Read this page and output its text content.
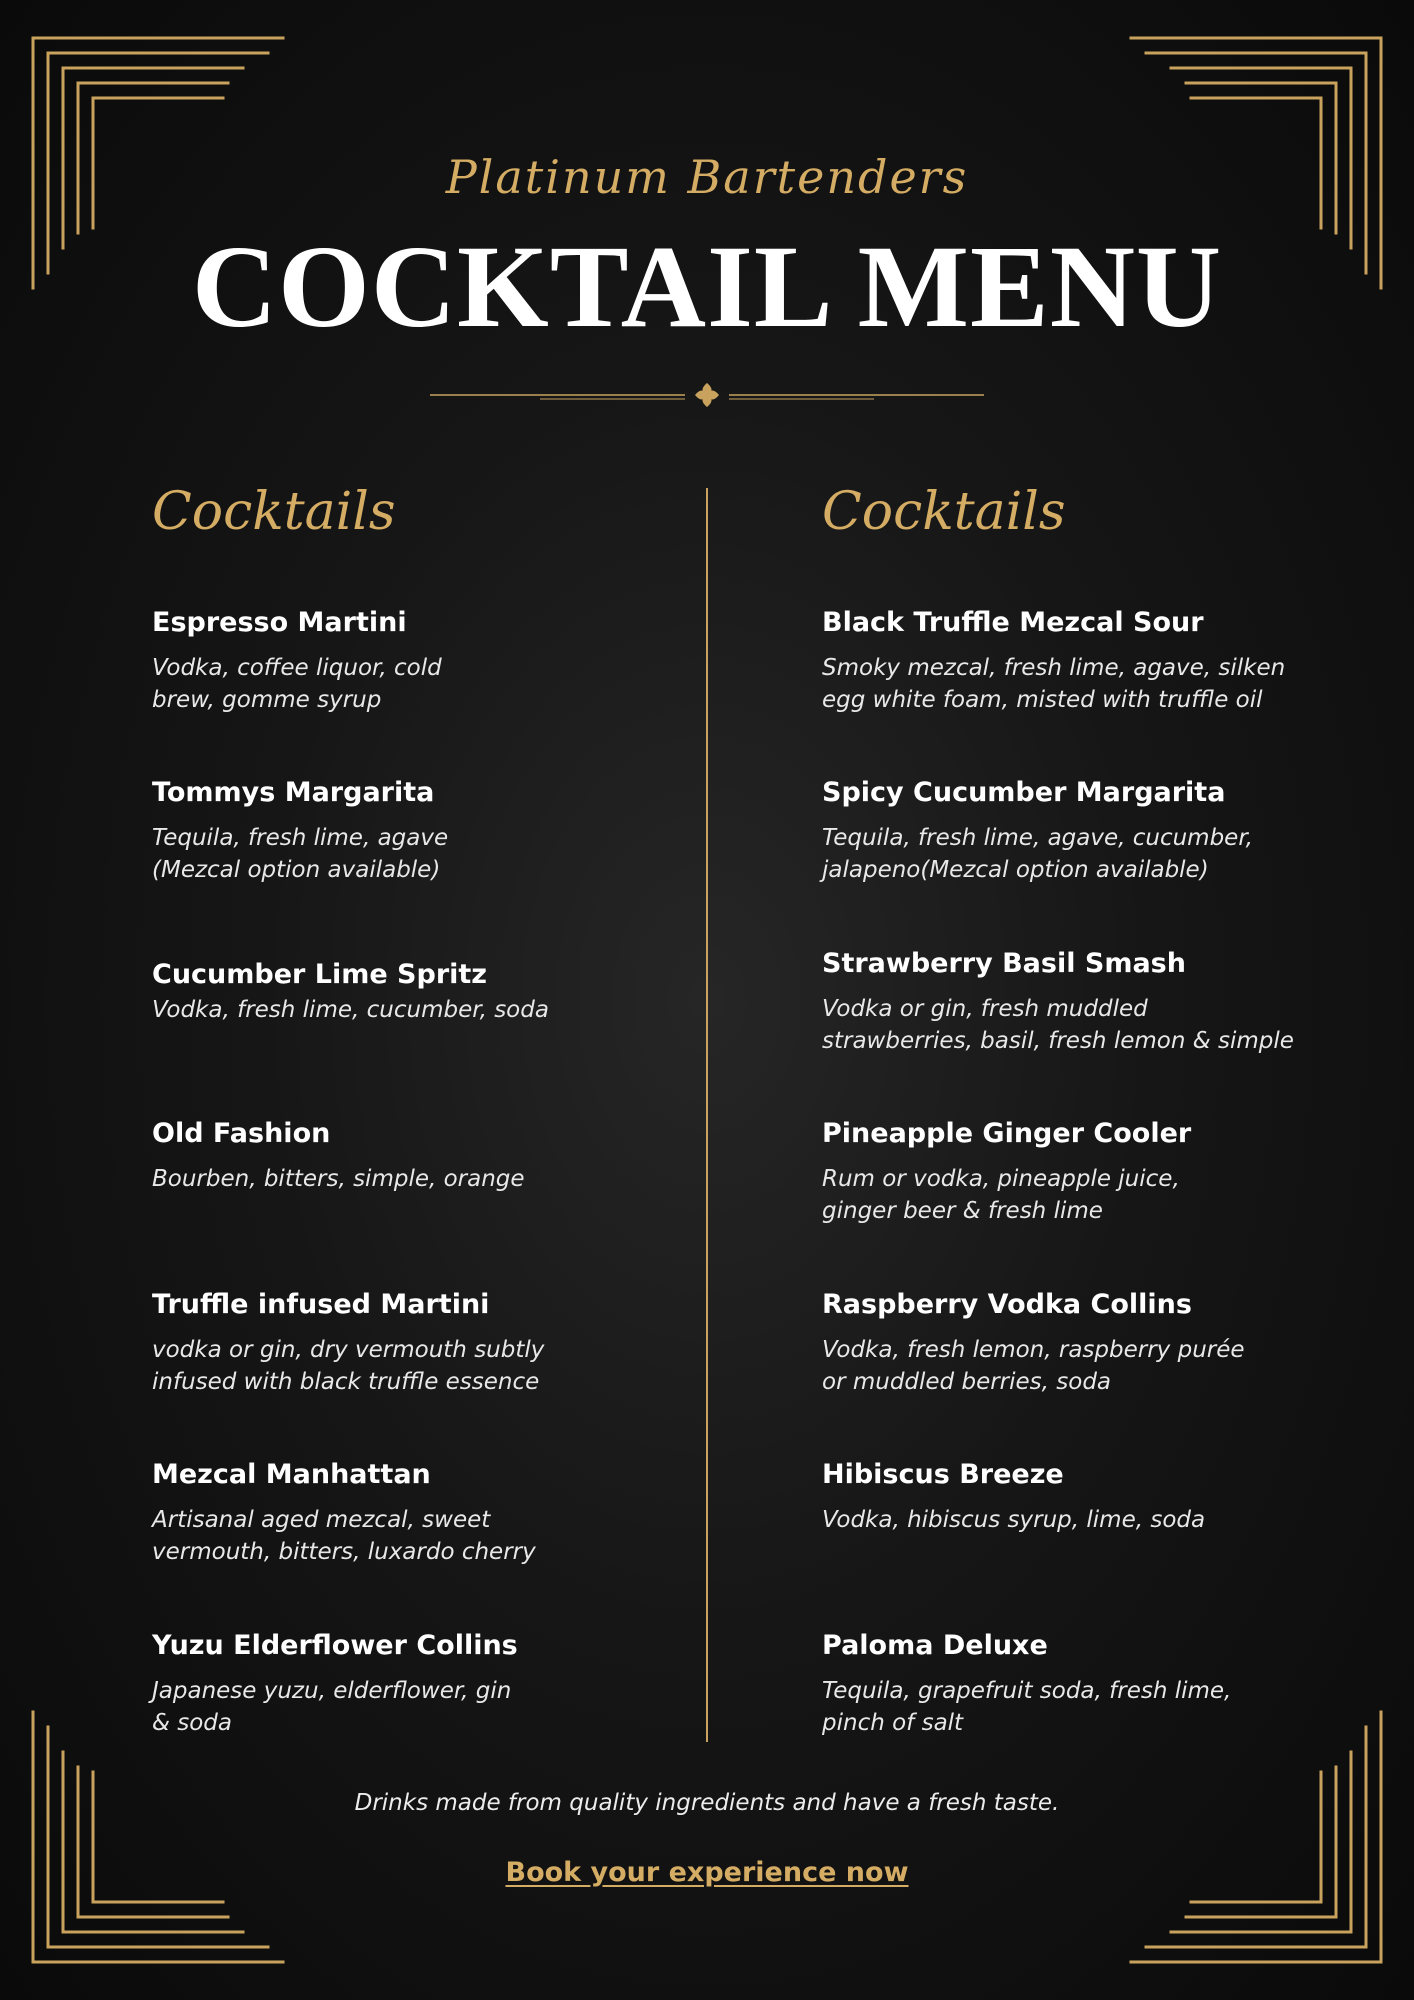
Platinum Bartenders
COCKTAIL MENU
Cocktails	Cocktails
Espresso Martini
Vodka, coffee liquor, cold
brew, gomme syrup
Tommys Margarita
Tequila, fresh lime, agave
(Mezcal option available)
Cucumber Lime Spritz
Vodka, fresh lime, cucumber, soda
Old Fashion
Bourben, bitters, simple, orange
Truffle infused Martini
vodka or gin, dry vermouth subtly
infused with black truffle essence
Mezcal Manhattan
Artisanal aged mezcal, sweet
vermouth, bitters, luxardo cherry
Yuzu Elderflower Collins
Japanese yuzu, elderflower, gin
& soda
Black Truffle Mezcal Sour
Smoky mezcal, fresh lime, agave, silken
egg white foam, misted with truffle oil
Spicy Cucumber Margarita
Tequila, fresh lime, agave, cucumber,
jalapeno(Mezcal option available)
Strawberry Basil Smash
Vodka or gin, fresh muddled
strawberries, basil, fresh lemon & simple
Pineapple Ginger Cooler
Rum or vodka, pineapple juice,
ginger beer & fresh lime
Raspberry Vodka Collins
Vodka, fresh lemon, raspberry purée
or muddled berries, soda
Hibiscus Breeze
Vodka, hibiscus syrup, lime, soda
Paloma Deluxe
Tequila, grapefruit soda, fresh lime,
pinch of salt
Drinks made from quality ingredients and have a fresh taste.
Book your experience now
